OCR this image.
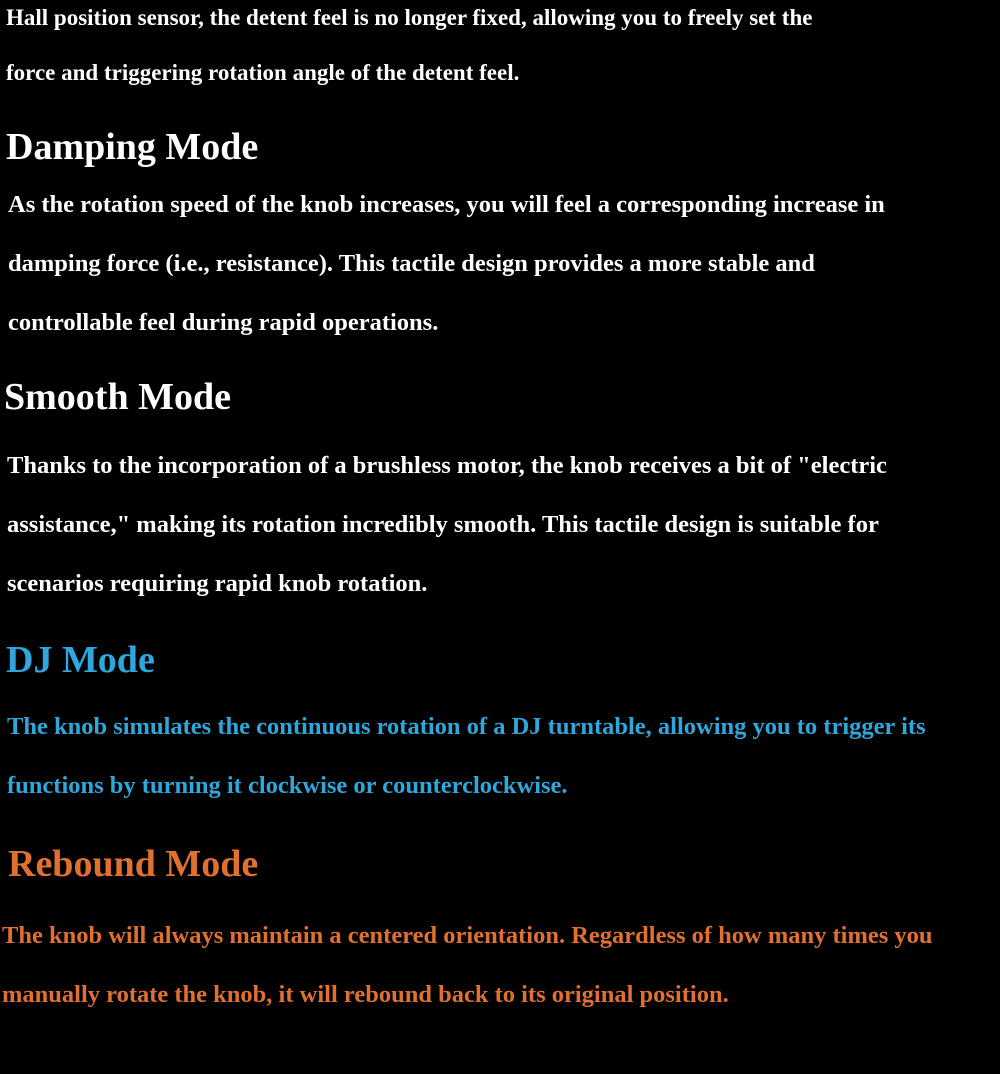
Hall position sensor, the detent feel is no longer fixed, allowing you to freely set the

force and triggering rotation angle of the detent feel.

Damping Mode

As the rotation speed of the knob increases, you will feel a corresponding increase in

damping force (i.e., resistance). This tactile design provides a more stable and

controllable feel during rapid operations.

Smooth Mode

Thanks to the incorporation of a brushless motor, the knob receives a bit of "electric

assistance," making its rotation incredibly smooth. This tactile design is suitable for

scenarios requiring rapid knob rotation.

DJ Mode

The knob simulates the continuous rotation of a DJ turntable, allowing you to trigger its

functions by turning it clockwise or counterclockwise.

Rebound Mode

The knob will always maintain a centered orientation. Regardless of how many times you

manually rotate the knob, it will rebound back to its original position.
